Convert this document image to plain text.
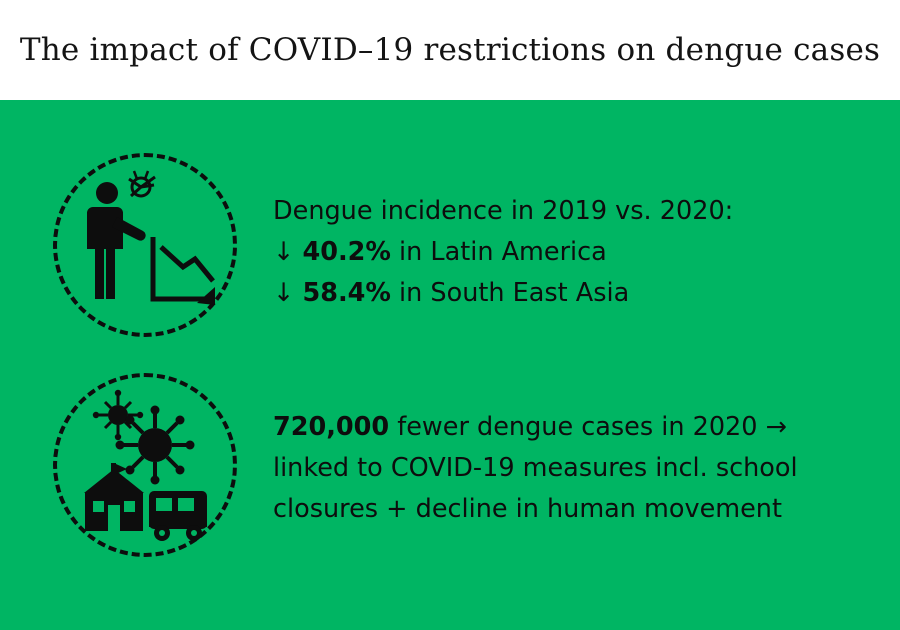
The impact of COVID–19 restrictions on dengue cases
Dengue incidence in 2019 vs. 2020:
↓ 40.2% in Latin America
↓ 58.4% in South East Asia
720,000 fewer dengue cases in 2020 →
linked to COVID-19 measures incl. school
closures + decline in human movement
